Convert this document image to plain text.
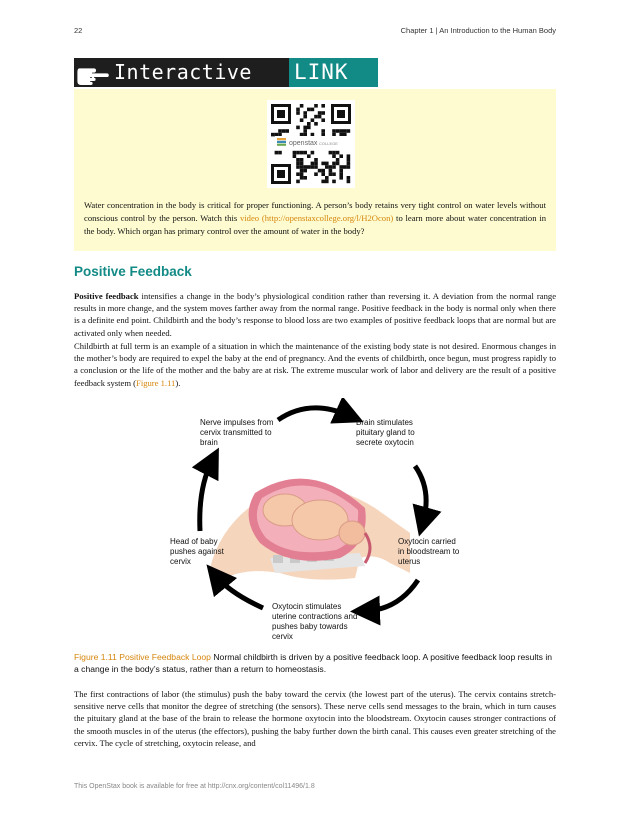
22	Chapter 1 | An Introduction to the Human Body
Interactive LINK
openstax COLLEGE

Water concentration in the body is critical for proper functioning. A person’s body retains very tight control on water levels without conscious control by the person. Watch this video (http://openstaxcollege.org/l/H2Ocon) to learn more about water concentration in the body. Which organ has primary control over the amount of water in the body?

Positive Feedback

Positive feedback intensifies a change in the body’s physiological condition rather than reversing it. A deviation from the normal range results in more change, and the system moves farther away from the normal range. Positive feedback in the body is normal only when there is a definite end point. Childbirth and the body’s response to blood loss are two examples of positive feedback loops that are normal but are activated only when needed.

Childbirth at full term is an example of a situation in which the maintenance of the existing body state is not desired. Enormous changes in the mother’s body are required to expel the baby at the end of pregnancy. And the events of childbirth, once begun, must progress rapidly to a conclusion or the life of the mother and the baby are at risk. The extreme muscular work of labor and delivery are the result of a positive feedback system (Figure 1.11).

Nerve impulses from cervix transmitted to brain
Brain stimulates pituitary gland to secrete oxytocin
Oxytocin carried in bloodstream to uterus
Oxytocin stimulates uterine contractions and pushes baby towards cervix
Head of baby pushes against cervix

Figure 1.11 Positive Feedback Loop Normal childbirth is driven by a positive feedback loop. A positive feedback loop results in a change in the body’s status, rather than a return to homeostasis.

The first contractions of labor (the stimulus) push the baby toward the cervix (the lowest part of the uterus). The cervix contains stretch-sensitive nerve cells that monitor the degree of stretching (the sensors). These nerve cells send messages to the brain, which in turn causes the pituitary gland at the base of the brain to release the hormone oxytocin into the bloodstream. Oxytocin causes stronger contractions of the smooth muscles in of the uterus (the effectors), pushing the baby further down the birth canal. This causes even greater stretching of the cervix. The cycle of stretching, oxytocin release, and

This OpenStax book is available for free at http://cnx.org/content/col11496/1.8
